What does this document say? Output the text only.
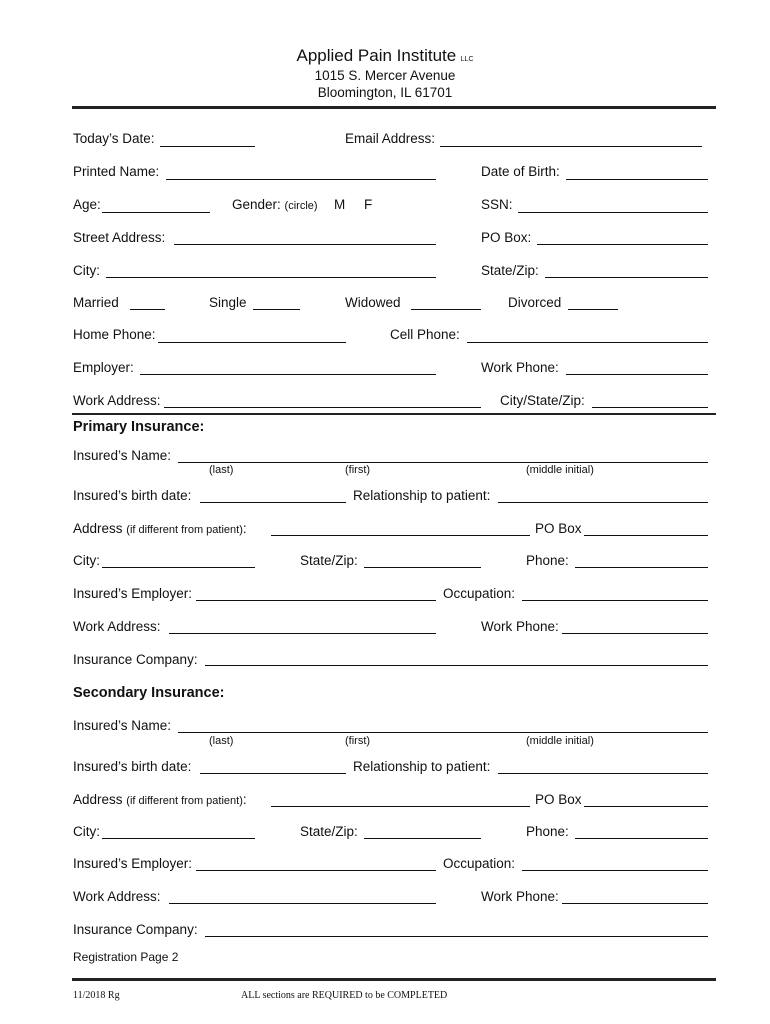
Applied Pain Institute LLC
1015 S. Mercer Avenue
Bloomington, IL 61701
Today’s Date:	Email Address:
Printed Name:	Date of Birth:
Age:	Gender: (circle) M F	SSN:
Street Address:	PO Box:
City:	State/Zip:
Married	Single	Widowed	Divorced
Home Phone:	Cell Phone:
Employer:	Work Phone:
Work Address:	City/State/Zip:
Primary Insurance:
Insured’s Name:
(last)	(first)	(middle initial)
Insured’s birth date:	Relationship to patient:
Address (if different from patient):	PO Box
City:	State/Zip:	Phone:
Insured’s Employer:	Occupation:
Work Address:	Work Phone:
Insurance Company:
Secondary Insurance:
Insured’s Name:
(last)	(first)	(middle initial)
Insured’s birth date:	Relationship to patient:
Address (if different from patient):	PO Box
City:	State/Zip:	Phone:
Insured’s Employer:	Occupation:
Work Address:	Work Phone:
Insurance Company:
Registration Page 2
11/2018 Rg	ALL sections are REQUIRED to be COMPLETED
